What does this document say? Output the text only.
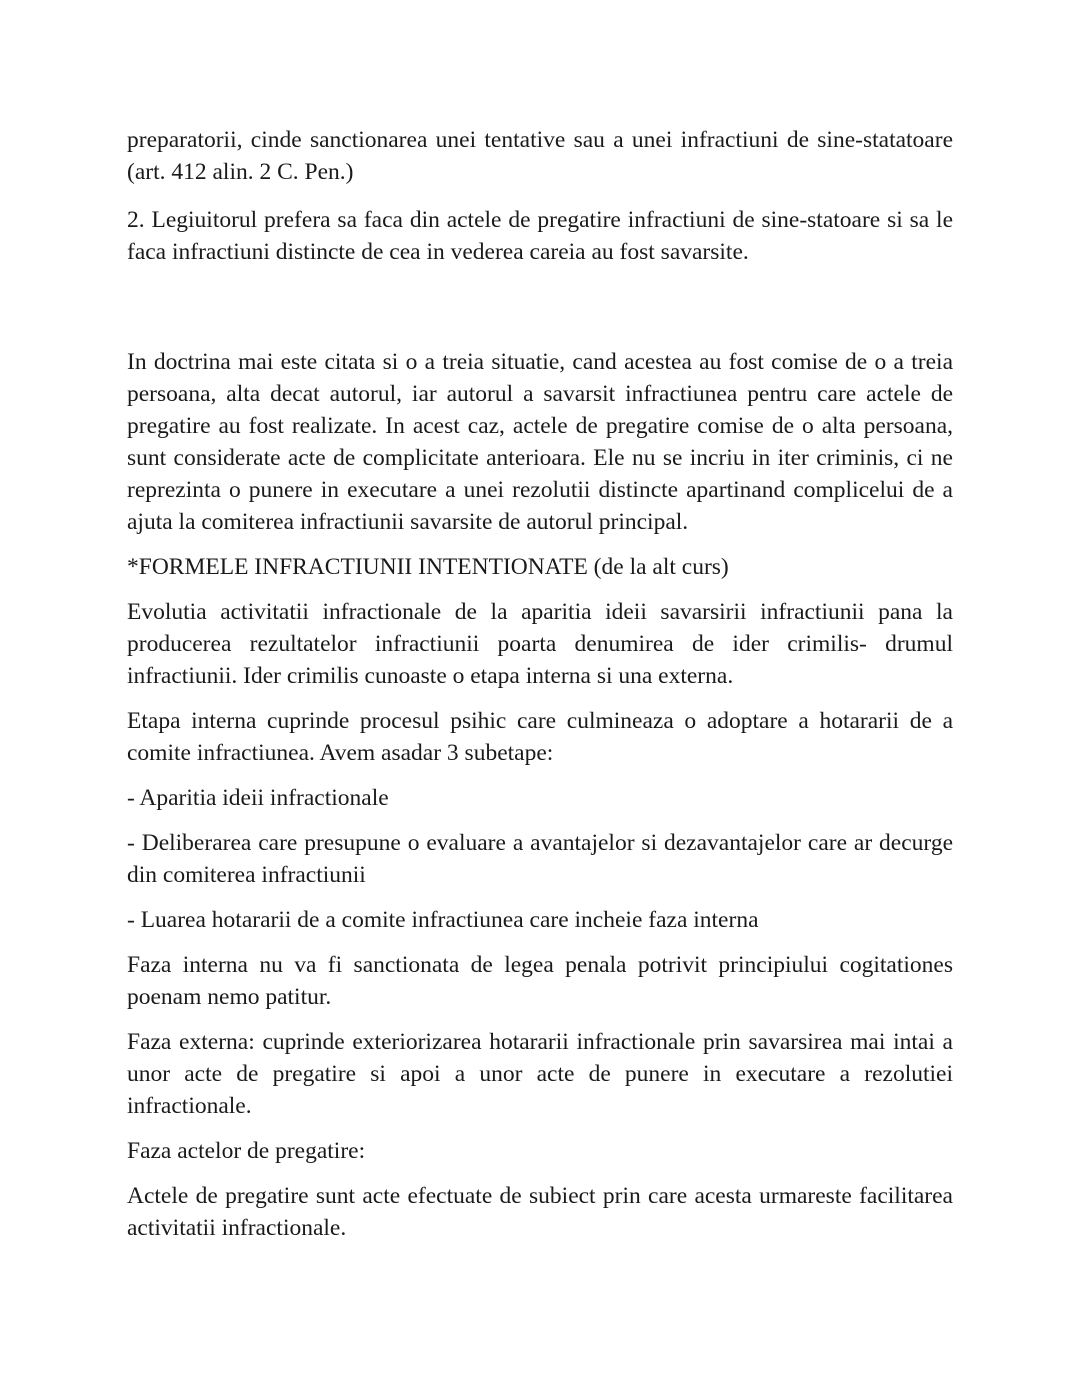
preparatorii, cinde sanctionarea unei tentative sau a unei infractiuni de sine-statatoare (art. 412 alin. 2 C. Pen.)

2. Legiuitorul prefera sa faca din actele de pregatire infractiuni de sine-statoare si sa le faca infractiuni distincte de cea in vederea careia au fost savarsite.

In doctrina mai este citata si o a treia situatie, cand acestea au fost comise de o a treia persoana, alta decat autorul, iar autorul a savarsit infractiunea pentru care actele de pregatire au fost realizate. In acest caz, actele de pregatire comise de o alta persoana, sunt considerate acte de complicitate anterioara. Ele nu se incriu in iter criminis, ci ne reprezinta o punere in executare a unei rezolutii distincte apartinand complicelui de a ajuta la comiterea infractiunii savarsite de autorul principal.

*FORMELE INFRACTIUNII INTENTIONATE (de la alt curs)

Evolutia activitatii infractionale de la aparitia ideii savarsirii infractiunii pana la producerea rezultatelor infractiunii poarta denumirea de ider crimilis- drumul infractiunii. Ider crimilis cunoaste o etapa interna si una externa.

Etapa interna cuprinde procesul psihic care culmineaza o adoptare a hotararii de a comite infractiunea. Avem asadar 3 subetape:

- Aparitia ideii infractionale

- Deliberarea care presupune o evaluare a avantajelor si dezavantajelor care ar decurge din comiterea infractiunii

- Luarea hotararii de a comite infractiunea care incheie faza interna

Faza interna nu va fi sanctionata de legea penala potrivit principiului cogitationes poenam nemo patitur.

Faza externa: cuprinde exteriorizarea hotararii infractionale prin savarsirea mai intai a unor acte de pregatire si apoi a unor acte de punere in executare a rezolutiei infractionale.

Faza actelor de pregatire:

Actele de pregatire sunt acte efectuate de subiect prin care acesta urmareste facilitarea activitatii infractionale.
